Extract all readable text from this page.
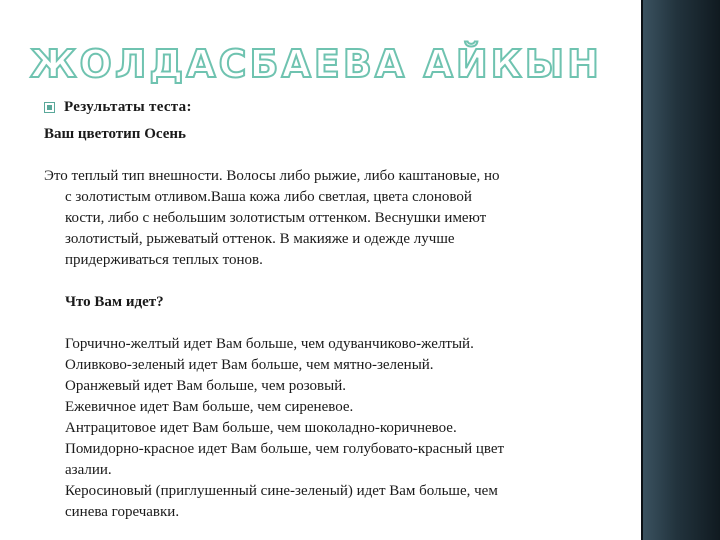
ЖОЛДАСБАЕВА АЙКЫН
Результаты теста:
Ваш цветотип Осень
Это теплый тип внешности. Волосы либо рыжие, либо каштановые, но
с золотистым отливом.Ваша кожа либо светлая, цвета слоновой
кости, либо с небольшим золотистым оттенком. Веснушки имеют
золотистый, рыжеватый оттенок. В макияже и одежде лучше
придерживаться теплых тонов.
Что Вам идет?
Горчично-желтый идет Вам больше, чем одуванчиково-желтый.
Оливково-зеленый идет Вам больше, чем мятно-зеленый.
Оранжевый идет Вам больше, чем розовый.
Ежевичное идет Вам больше, чем сиреневое.
Антрацитовое идет Вам больше, чем шоколадно-коричневое.
Помидорно-красное идет Вам больше, чем голубовато-красный цвет
азалии.
Керосиновый (приглушенный сине-зеленый) идет Вам больше, чем
синева горечавки.
